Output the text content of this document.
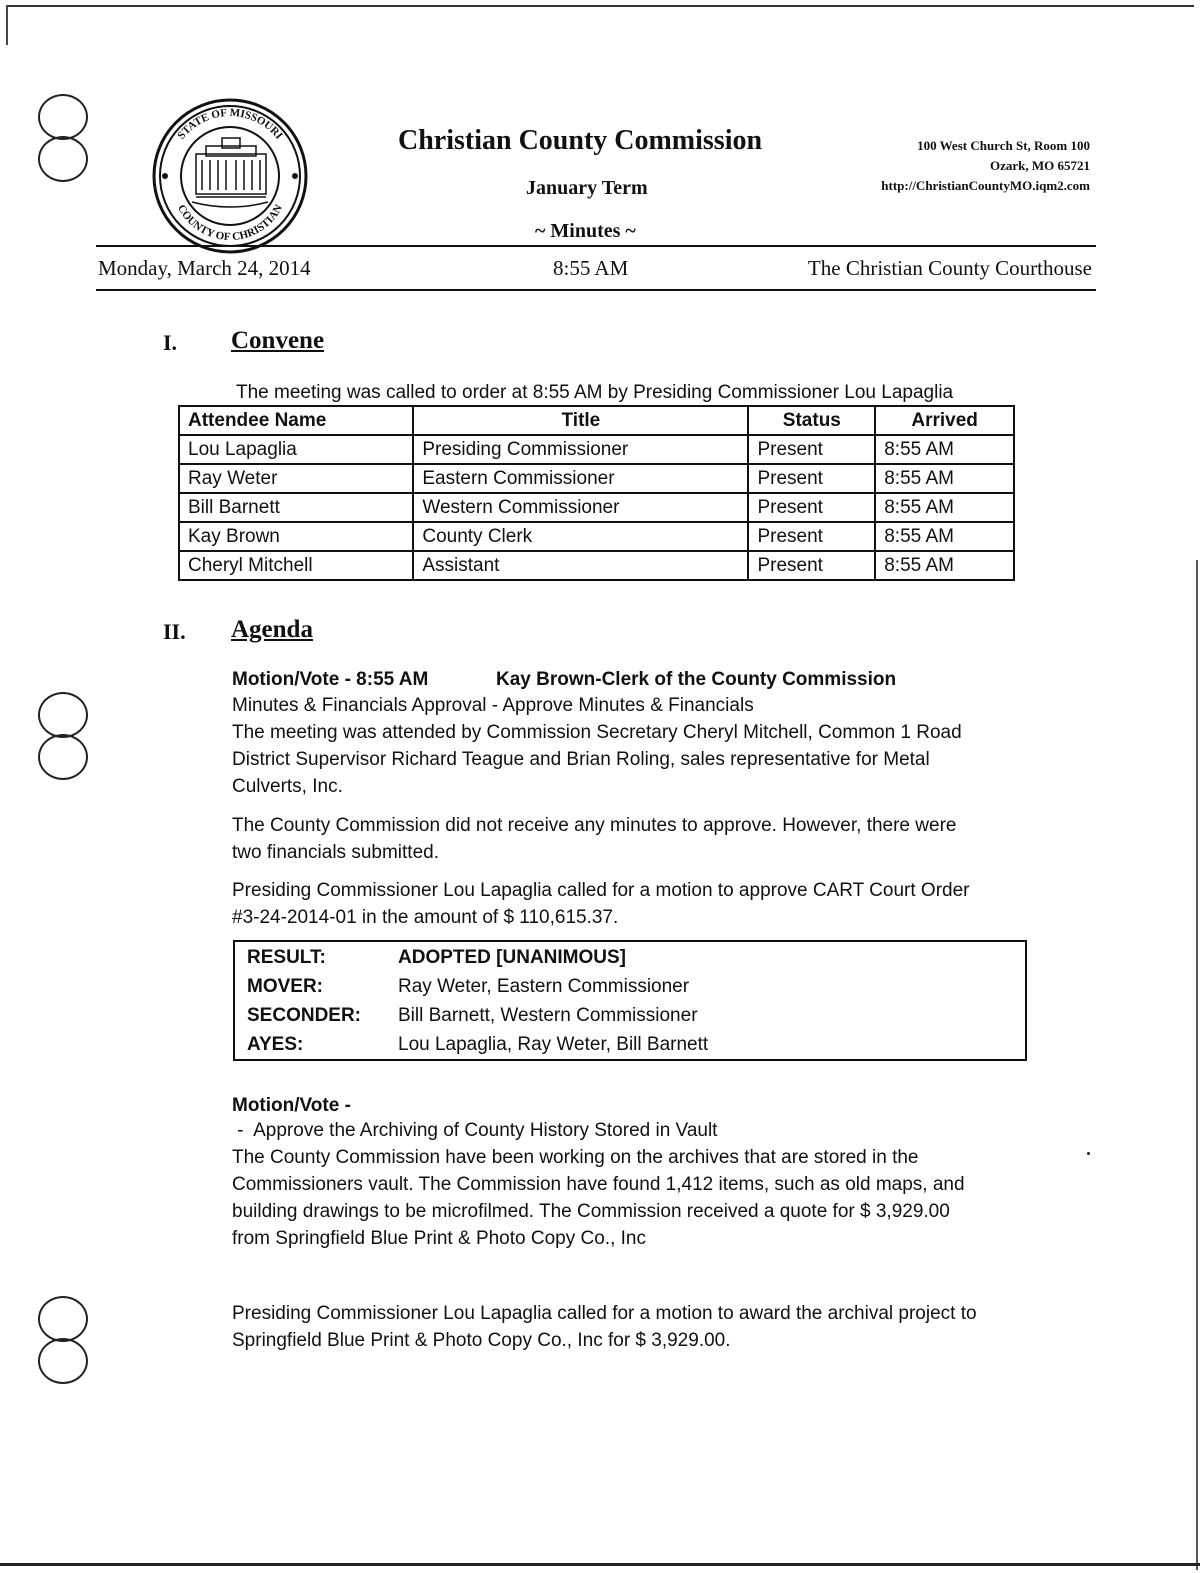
STATE OF MISSOURI
COUNTY OF CHRISTIAN
Christian County Commission
January Term
~ Minutes ~
100 West Church St, Room 100
Ozark, MO 65721
http://ChristianCountyMO.iqm2.com
Monday, March 24, 2014	8:55 AM	The Christian County Courthouse
I. Convene
The meeting was called to order at 8:55 AM by Presiding Commissioner Lou Lapaglia
Attendee Name	Title	Status	Arrived
Lou Lapaglia	Presiding Commissioner	Present	8:55 AM
Ray Weter	Eastern Commissioner	Present	8:55 AM
Bill Barnett	Western Commissioner	Present	8:55 AM
Kay Brown	County Clerk	Present	8:55 AM
Cheryl Mitchell	Assistant	Present	8:55 AM
II. Agenda
Motion/Vote - 8:55 AM	Kay Brown-Clerk of the County Commission
Minutes & Financials Approval - Approve Minutes & Financials
The meeting was attended by Commission Secretary Cheryl Mitchell, Common 1 Road
District Supervisor Richard Teague and Brian Roling, sales representative for Metal
Culverts, Inc.
The County Commission did not receive any minutes to approve. However, there were
two financials submitted.
Presiding Commissioner Lou Lapaglia called for a motion to approve CART Court Order
#3-24-2014-01 in the amount of $ 110,615.37.
RESULT:	ADOPTED [UNANIMOUS]
MOVER:	Ray Weter, Eastern Commissioner
SECONDER: Bill Barnett, Western Commissioner
AYES:	Lou Lapaglia, Ray Weter, Bill Barnett
Motion/Vote -
-  Approve the Archiving of County History Stored in Vault
The County Commission have been working on the archives that are stored in the
Commissioners vault. The Commission have found 1,412 items, such as old maps, and
building drawings to be microfilmed. The Commission received a quote for $ 3,929.00
from Springfield Blue Print & Photo Copy Co., Inc
Presiding Commissioner Lou Lapaglia called for a motion to award the archival project to
Springfield Blue Print & Photo Copy Co., Inc for $ 3,929.00.
